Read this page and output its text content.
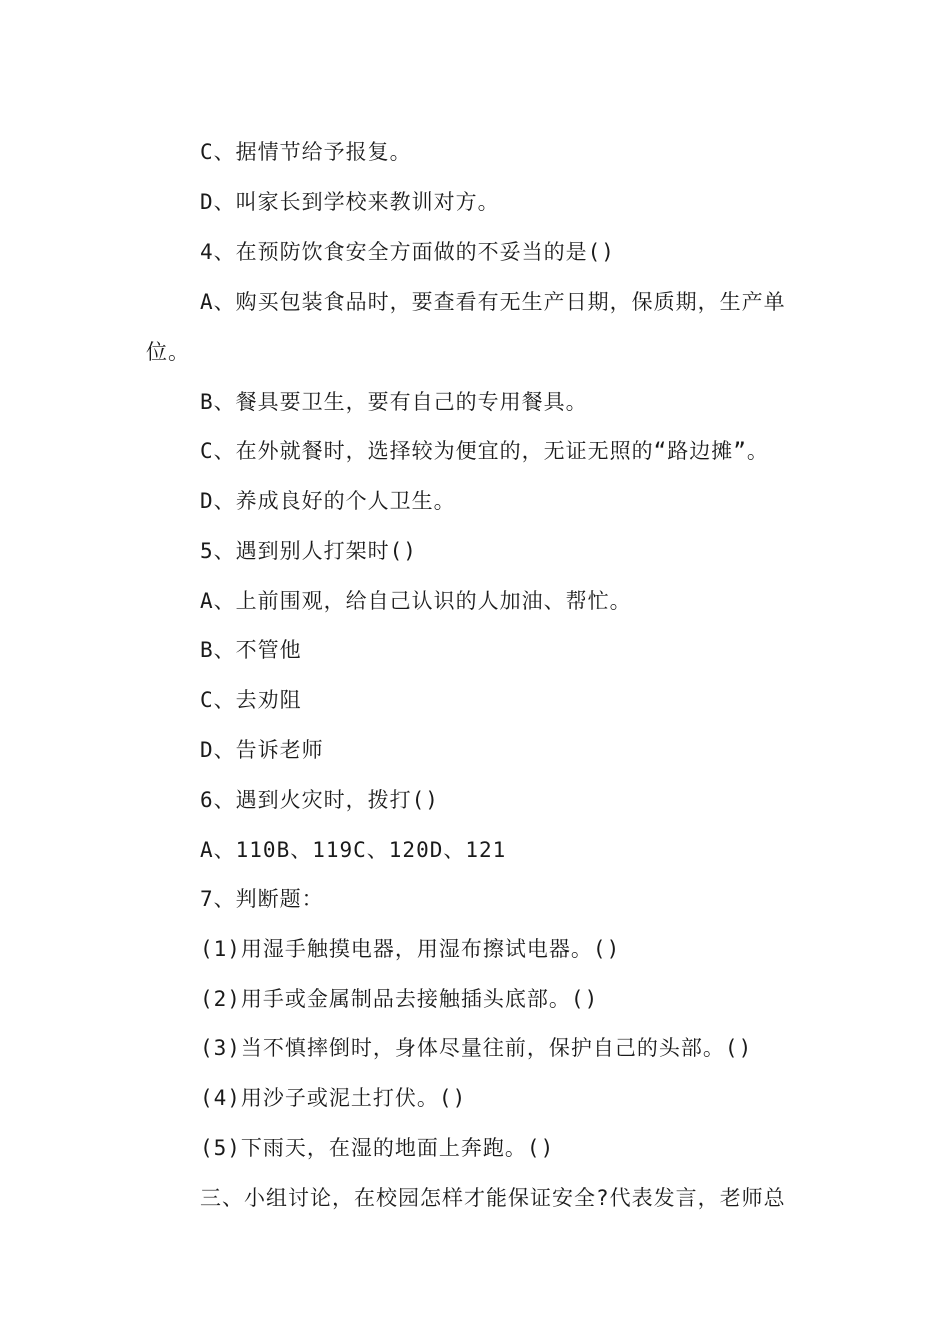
C、据情节给予报复。
D、叫家长到学校来教训对方。
4、在预防饮食安全方面做的不妥当的是()
A、购买包装食品时，要查看有无生产日期，保质期，生产单
位。
B、餐具要卫生，要有自己的专用餐具。
C、在外就餐时，选择较为便宜的，无证无照的“路边摊”。
D、养成良好的个人卫生。
5、遇到别人打架时()
A、上前围观，给自己认识的人加油、帮忙。
B、不管他
C、去劝阻
D、告诉老师
6、遇到火灾时，拨打()
A、110B、119C、120D、121
7、判断题：
(1)用湿手触摸电器，用湿布擦试电器。()
(2)用手或金属制品去接触插头底部。()
(3)当不慎摔倒时，身体尽量往前，保护自己的头部。()
(4)用沙子或泥土打伏。()
(5)下雨天，在湿的地面上奔跑。()
三、小组讨论，在校园怎样才能保证安全?代表发言，老师总
